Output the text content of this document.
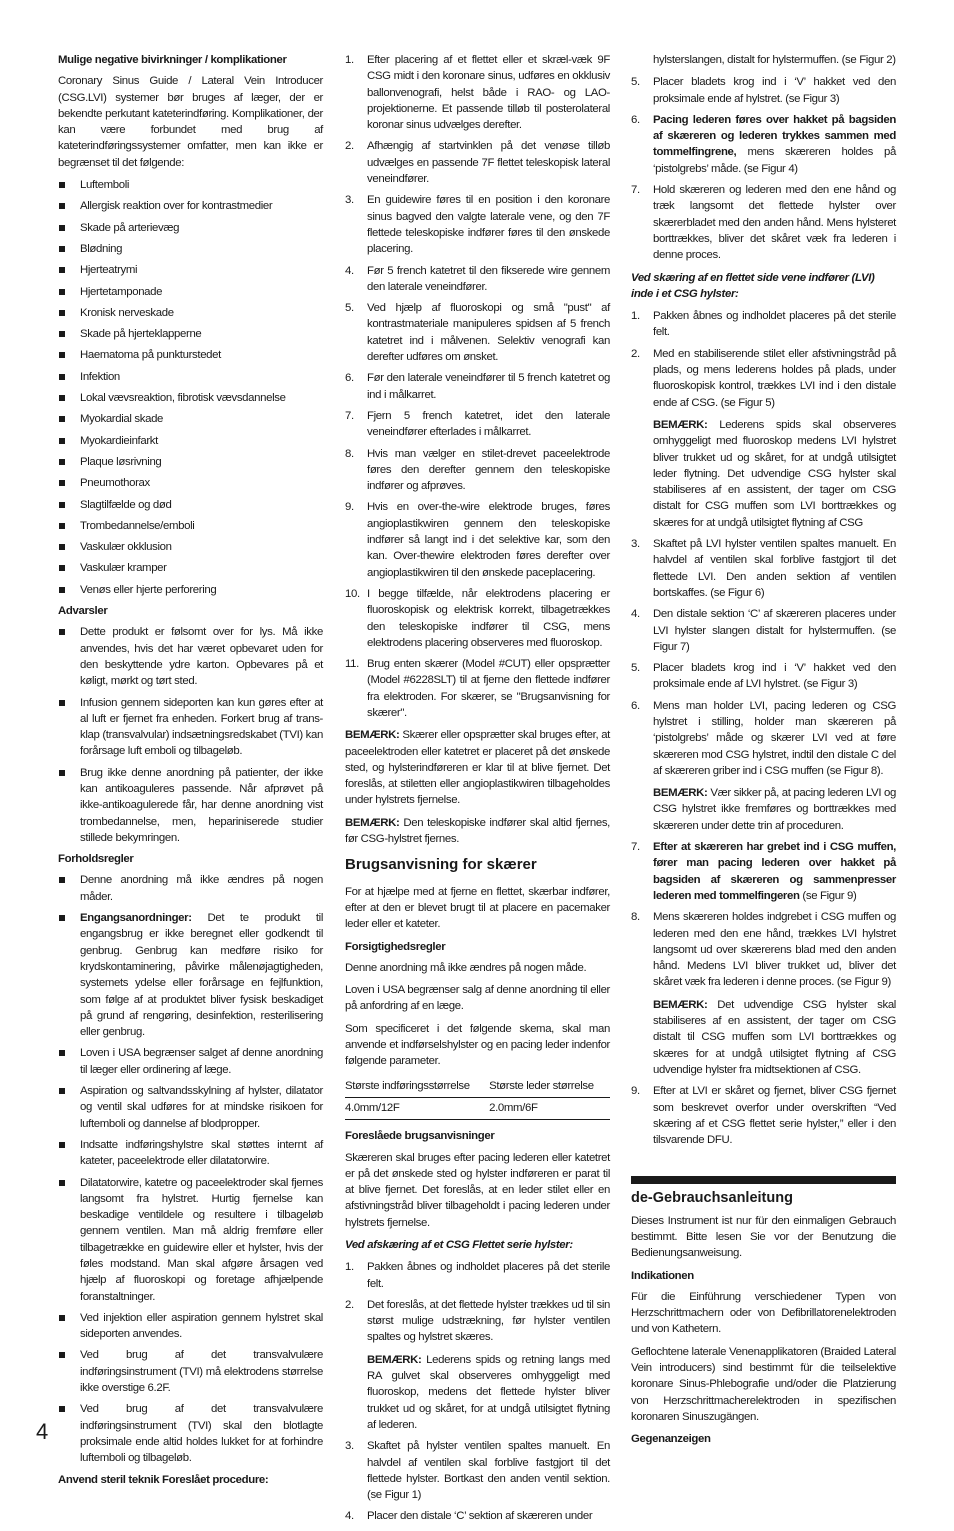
Mulige negative bivirkninger / komplikationer
Coronary Sinus Guide / Lateral Vein Introducer (CSG.LVI) systemer bør bruges af læger, der er bekendte perkutant kateterindføring. Komplikationer, der kan være forbundet med brug af kateterindføringssystemer omfatter, men kan ikke er begrænset til det følgende:
Luftemboli
Allergisk reaktion over for kontrastmedier
Skade på arterievæg
Blødning
Hjerteatrymi
Hjertetamponade
Kronisk nerveskade
Skade på hjerteklapperne
Haematoma på punkturstedet
Infektion
Lokal vævsreaktion, fibrotisk vævsdannelse
Myokardial skade
Myokardieinfarkt
Plaque løsrivning
Pneumothorax
Slagtilfælde og død
Trombedannelse/emboli
Vaskulær okklusion
Vaskulær kramper
Venøs eller hjerte perforering
Advarsler
Dette produkt er følsomt over for lys. Må ikke anvendes, hvis det har været opbevaret uden for den beskyttende ydre karton. Opbevares på et køligt, mørkt og tørt sted.
Infusion gennem sideporten kan kun gøres efter at al luft er fjernet fra enheden. Forkert brug af trans-klap (transvalvular) indsætningsredskabet (TVI) kan forårsage luft emboli og tilbageløb.
Brug ikke denne anordning på patienter, der ikke kan antikoaguleres passende. Når afprøvet på ikke-antikoagulerede får, har denne anordning vist trombedannelse, men, hepariniserede studier stillede bekymringen.
Forholdsregler
Denne anordning må ikke ændres på nogen måder.
Engangsanordninger: Det te produkt til engangsbrug er ikke beregnet eller godkendt til genbrug. Genbrug kan medføre risiko for krydskontaminering, påvirke målenøjagtigheden, systemets ydelse eller forårsage en fejlfunktion, som følge af at produktet bliver fysisk beskadiget på grund af rengøring, desinfektion, resterilisering eller genbrug.
Loven i USA begrænser salget af denne anordning til læger eller ordinering af læge.
Aspiration og saltvandsskylning af hylster, dilatator og ventil skal udføres for at mindske risikoen for luftemboli og dannelse af blodpropper.
Indsatte indføringshylstre skal støttes internt af kateter, paceelektrode eller dilatatorwire.
Dilatatorwire, katetre og paceelektroder skal fjernes langsomt fra hylstret. Hurtig fjernelse kan beskadige ventildele og resultere i tilbageløb gennem ventilen. Man må aldrig fremføre eller tilbagetrække en guidewire eller et hylster, hvis der føles modstand. Man skal afgøre årsagen ved hjælp af fluoroskopi og foretage afhjælpende foranstaltninger.
Ved injektion eller aspiration gennem hylstret skal sideporten anvendes.
Ved brug af det transvalvulære indføringsinstrument (TVI) må elektrodens størrelse ikke overstige 6.2F.
Ved brug af det transvalvulære indføringsinstrument (TVI) skal den blotlagte proksimale ende altid holdes lukket for at forhindre luftemboli og tilbageløb.
Anvend steril teknik Foreslået procedure:
1. Efter placering af et flettet eller et skræl-væk 9F CSG midt i den koronare sinus, udføres en okklusiv ballonvenografi, helst både i RAO- og LAO-projektionerne. Et passende tilløb til posterolateral koronar sinus udvælges derefter.
2. Afhængig af startvinklen på det venøse tilløb udvælges en passende 7F flettet teleskopisk lateral veneindfører.
3. En guidewire føres til en position i den koronare sinus bagved den valgte laterale vene, og den 7F flettede teleskopiske indfører føres til den ønskede placering.
4. Før 5 french katetret til den fikserede wire gennem den laterale veneindfører.
5. Ved hjælp af fluoroskopi og små "pust" af kontrastmateriale manipuleres spidsen af 5 french katetret ind i målvenen. Selektiv venografi kan derefter udføres om ønsket.
6. Før den laterale veneindfører til 5 french katetret og ind i målkarret.
7. Fjern 5 french katetret, idet den laterale veneindfører efterlades i målkarret.
8. Hvis man vælger en stilet-drevet paceelektrode føres den derefter gennem den teleskopiske indfører og afprøves.
9. Hvis en over-the-wire elektrode bruges, føres angioplastikwiren gennem den teleskopiske indfører så langt ind i det selektive kar, som den kan. Over-thewire elektroden føres derefter over angioplastikwiren til den ønskede paceplacering.
10. I begge tilfælde, når elektrodens placering er fluoroskopisk og elektrisk korrekt, tilbagetrækkes den teleskopiske indfører til CSG, mens elektrodens placering observeres med fluoroskop.
11. Brug enten skærer (Model #CUT) eller opsprætter (Model #6228SLT) til at fjerne den flettede indfører fra elektroden. For skærer, se "Brugsanvisning for skærer".
BEMÆRK: Skærer eller opsprætter skal bruges efter, at paceelektroden eller katetret er placeret på det ønskede sted, og hylsterindføreren er klar til at blive fjernet. Det foreslås, at stiletten eller angioplastikwiren tilbageholdes under hylstrets fjernelse.
BEMÆRK: Den teleskopiske indfører skal altid fjernes, før CSG-hylstret fjernes.
Brugsanvisning for skærer
For at hjælpe med at fjerne en flettet, skærbar indfører, efter at den er blevet brugt til at placere en pacemaker leder eller et kateter.
Forsigtighedsregler
Denne anordning må ikke ændres på nogen måde.
Loven i USA begrænser salg af denne anordning til eller på anfordring af en læge.
Som specificeret i det følgende skema, skal man anvende et indførselshylster og en pacing leder indenfor følgende parameter.
Største indføringsstørrelse	Største leder størrelse
4.0mm/12F	2.0mm/6F
Foreslåede brugsanvisninger
Skæreren skal bruges efter pacing lederen eller katetret er på det ønskede sted og hylster indføreren er parat til at blive fjernet. Det foreslås, at en leder stilet eller en afstivningstråd bliver tilbageholdt i pacing lederen under hylstrets fjernelse.
Ved afskæring af et CSG Flettet serie hylster:
1. Pakken åbnes og indholdet placeres på det sterile felt.
2. Det foreslås, at det flettede hylster trækkes ud til sin størst mulige udstrækning, før hylster ventilen spaltes og hylstret skæres.
BEMÆRK: Lederens spids og retning langs med RA gulvet skal observeres omhyggeligt med fluoroskop, medens det flettede hylster bliver trukket ud og skåret, for at undgå utilsigtet flytning af lederen.
3. Skaftet på hylster ventilen spaltes manuelt. En halvdel af ventilen skal forblive fastgjort til det flettede hylster. Bortkast den anden ventil sektion. (se Figur 1)
4. Placer den distale ‘C’ sektion af skæreren under
hylsterslangen, distalt for hylstermuffen. (se Figur 2)
5. Placer bladets krog ind i ‘V’ hakket ved den proksimale ende af hylstret. (se Figur 3)
6. Pacing lederen føres over hakket på bagsiden af skæreren og lederen trykkes sammen med tommelfingrene, mens skæreren holdes på ‘pistolgrebs’ måde. (se Figur 4)
7. Hold skæreren og lederen med den ene hånd og træk langsomt det flettede hylster over skærerbladet med den anden hånd. Mens hylsteret borttrækkes, bliver det skåret væk fra lederen i denne proces.
Ved skæring af en flettet side vene indfører (LVI) inde i et CSG hylster:
1. Pakken åbnes og indholdet placeres på det sterile felt.
2. Med en stabiliserende stilet eller afstivningstråd på plads, og mens lederens holdes på plads, under fluoroskopisk kontrol, trækkes LVI ind i den distale ende af CSG. (se Figur 5)
BEMÆRK: Lederens spids skal observeres omhyggeligt med fluoroskop medens LVI hylstret bliver trukket ud og skåret, for at undgå utilsigtet leder flytning. Det udvendige CSG hylster skal stabiliseres af en assistent, der tager om CSG distalt for CSG muffen som LVI borttrækkes og skæres for at undgå utilsigtet flytning af CSG
3. Skaftet på LVI hylster ventilen spaltes manuelt. En halvdel af ventilen skal forblive fastgjort til det flettede LVI. Den anden sektion af ventilen bortskaffes. (se Figur 6)
4. Den distale sektion ‘C’ af skæreren placeres under LVI hylster slangen distalt for hylstermuffen. (se Figur 7)
5. Placer bladets krog ind i ‘V’ hakket ved den proksimale ende af LVI hylstret. (se Figur 3)
6. Mens man holder LVI, pacing lederen og CSG hylstret i stilling, holder man skæreren på ‘pistolgrebs’ måde og skærer LVI ved at føre skæreren mod CSG hylstret, indtil den distale C del af skæreren griber ind i CSG muffen (se Figur 8).
BEMÆRK: Vær sikker på, at pacing lederen LVI og CSG hylstret ikke fremføres og borttrækkes med skæreren under dette trin af proceduren.
7. Efter at skæreren har grebet ind i CSG muffen, fører man pacing lederen over hakket på bagsiden af skæreren og sammenpresser lederen med tommelfingeren (se Figur 9)
8. Mens skæreren holdes indgrebet i CSG muffen og lederen med den ene hånd, trækkes LVI hylstret langsomt ud over skærerens blad med den anden hånd. Medens LVI bliver trukket ud, bliver det skåret væk fra lederen i denne proces. (se Figur 9)
BEMÆRK: Det udvendige CSG hylster skal stabiliseres af en assistent, der tager om CSG distalt til CSG muffen som LVI borttrækkes og skæres for at undgå utilsigtet flytning af CSG udvendige hylster fra midtsektionen af CSG.
9. Efter at LVI er skåret og fjernet, bliver CSG fjernet som beskrevet overfor under overskriften “Ved skæring af et CSG flettet serie hylster,” eller i den tilsvarende DFU.
de-Gebrauchsanleitung
Dieses Instrument ist nur für den einmaligen Gebrauch bestimmt. Bitte lesen Sie vor der Benutzung die Bedienungsanweisung.
Indikationen
Für die Einführung verschiedener Typen von Herzschrittmachern oder von Defibrillatorenelektroden und von Kathetern.
Geflochtene laterale Venenapplikatoren (Braided Lateral Vein introducers) sind bestimmt für die teilselektive koronare Sinus-Phlebografie und/oder die Platzierung von Herzschrittmacherelektroden in spezifischen koronaren Sinuszugängen.
Gegenanzeigen
4
